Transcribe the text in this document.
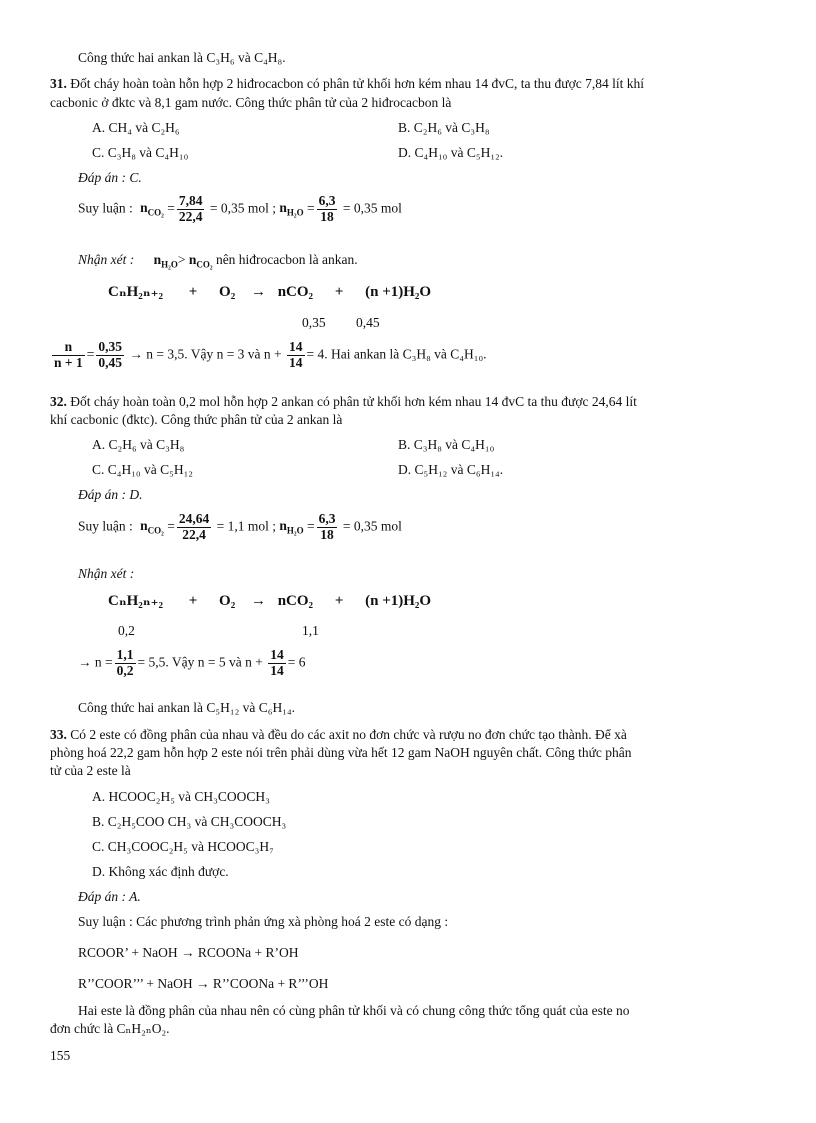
Công thức hai ankan là C₃H₆ và C₄H₈.
31. Đốt cháy hoàn toàn hỗn hợp 2 hiđrocacbon có phân tử khối hơn kém nhau 14 đvC, ta thu được 7,84 lít khí
cacbonic ở đktc và 8,1 gam nước. Công thức phân tử của 2 hiđrocacbon là
A. CH₄ và C₂H₆	B. C₂H₆ và C₃H₈
C. C₃H₈ và C₄H₁₀	D. C₄H₁₀ và C₅H₁₂.
Đáp án : C.
Suy luận : $n_{CO_2} = \frac{7,84}{22,4} = 0,35$ mol ; $n_{H_2O} = \frac{6,3}{18} = 0,35$ mol
Nhận xét : $n_{H_2O}> n_{CO_2}$ nên hiđrocacbon là ankan.
CₙH₂ₙ₊₂ + O₂ → nCO₂ + (n +1)H₂O
0,35 0,45
$\frac{n}{n + 1} = \frac{0,35}{0,45} \to n = 3,5$. Vậy n = 3 và $n + \frac{14}{14} = 4$. Hai ankan là C₃H₈ và C₄H₁₀.
32. Đốt cháy hoàn toàn 0,2 mol hỗn hợp 2 ankan có phân tử khối hơn kém nhau 14 đvC ta thu được 24,64 lít
khí cacbonic (đktc). Công thức phân tử của 2 ankan là
A. C₂H₆ và C₃H₈	B. C₃H₈ và C₄H₁₀
C. C₄H₁₀ và C₅H₁₂	D. C₅H₁₂ và C₆H₁₄.
Đáp án : D.
Suy luận : $n_{CO_2} = \frac{24,64}{22,4} = 1,1$ mol ; $n_{H_2O} = \frac{6,3}{18} = 0,35$ mol
Nhận xét :
CₙH₂ₙ₊₂ + O₂ → nCO₂ + (n +1)H₂O
0,2	1,1
→ $n = \frac{1,1}{0,2} = 5,5$. Vậy n = 5 và $n + \frac{14}{14} = 6$
Công thức hai ankan là C₅H₁₂ và C₆H₁₄.
33. Có 2 este có đồng phân của nhau và đều do các axit no đơn chức và rượu no đơn chức tạo thành. Để xà
phòng hoá 22,2 gam hỗn hợp 2 este nói trên phải dùng vừa hết 12 gam NaOH nguyên chất. Công thức phân
tử của 2 este là
A. HCOOC₂H₅ và CH₃COOCH₃
B. C₂H₅COO CH₃ và CH₃COOCH₃
C. CH₃COOC₂H₅ và HCOOC₃H₇
D. Không xác định được.
Đáp án : A.
Suy luận : Các phương trình phản ứng xà phòng hoá 2 este có dạng :
RCOOR’ + NaOH → RCOONa + R’OH
R’’COOR’’’ + NaOH → R’’COONa + R’’’OH
Hai este là đồng phân của nhau nên có cùng phân tử khối và có chung công thức tổng quát của este no
đơn chức là CₙH₂ₙO₂.
155
